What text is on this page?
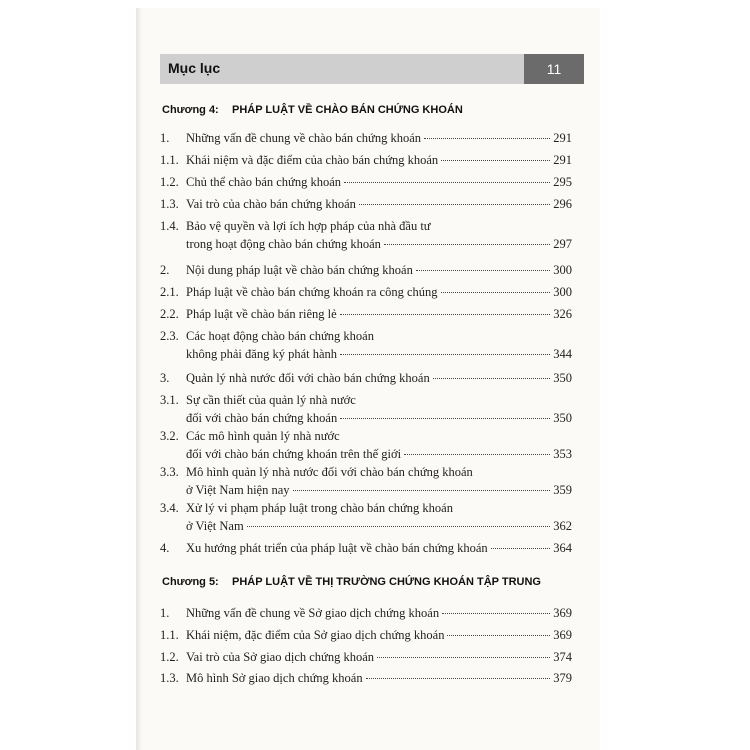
Mục lục	11
Chương 4: PHÁP LUẬT VỀ CHÀO BÁN CHỨNG KHOÁN
1. Những vấn đề chung về chào bán chứng khoán	291
1.1. Khái niệm và đặc điểm của chào bán chứng khoán	291
1.2. Chủ thể chào bán chứng khoán	295
1.3. Vai trò của chào bán chứng khoán	296
1.4. Bảo vệ quyền và lợi ích hợp pháp của nhà đầu tư
trong hoạt động chào bán chứng khoán	297
2. Nội dung pháp luật về chào bán chứng khoán	300
2.1. Pháp luật về chào bán chứng khoán ra công chúng	300
2.2. Pháp luật về chào bán riêng lẻ	326
2.3. Các hoạt động chào bán chứng khoán
không phải đăng ký phát hành	344
3. Quản lý nhà nước đối với chào bán chứng khoán	350
3.1. Sự cần thiết của quản lý nhà nước
đối với chào bán chứng khoán	350
3.2. Các mô hình quản lý nhà nước
đối với chào bán chứng khoán trên thế giới	353
3.3. Mô hình quản lý nhà nước đối với chào bán chứng khoán
ở Việt Nam hiện nay	359
3.4. Xử lý vi phạm pháp luật trong chào bán chứng khoán
ở Việt Nam	362
4. Xu hướng phát triển của pháp luật về chào bán chứng khoán	364
Chương 5: PHÁP LUẬT VỀ THỊ TRƯỜNG CHỨNG KHOÁN TẬP TRUNG
1. Những vấn đề chung về Sở giao dịch chứng khoán	369
1.1. Khái niệm, đặc điểm của Sở giao dịch chứng khoán	369
1.2. Vai trò của Sở giao dịch chứng khoán	374
1.3. Mô hình Sở giao dịch chứng khoán	379
